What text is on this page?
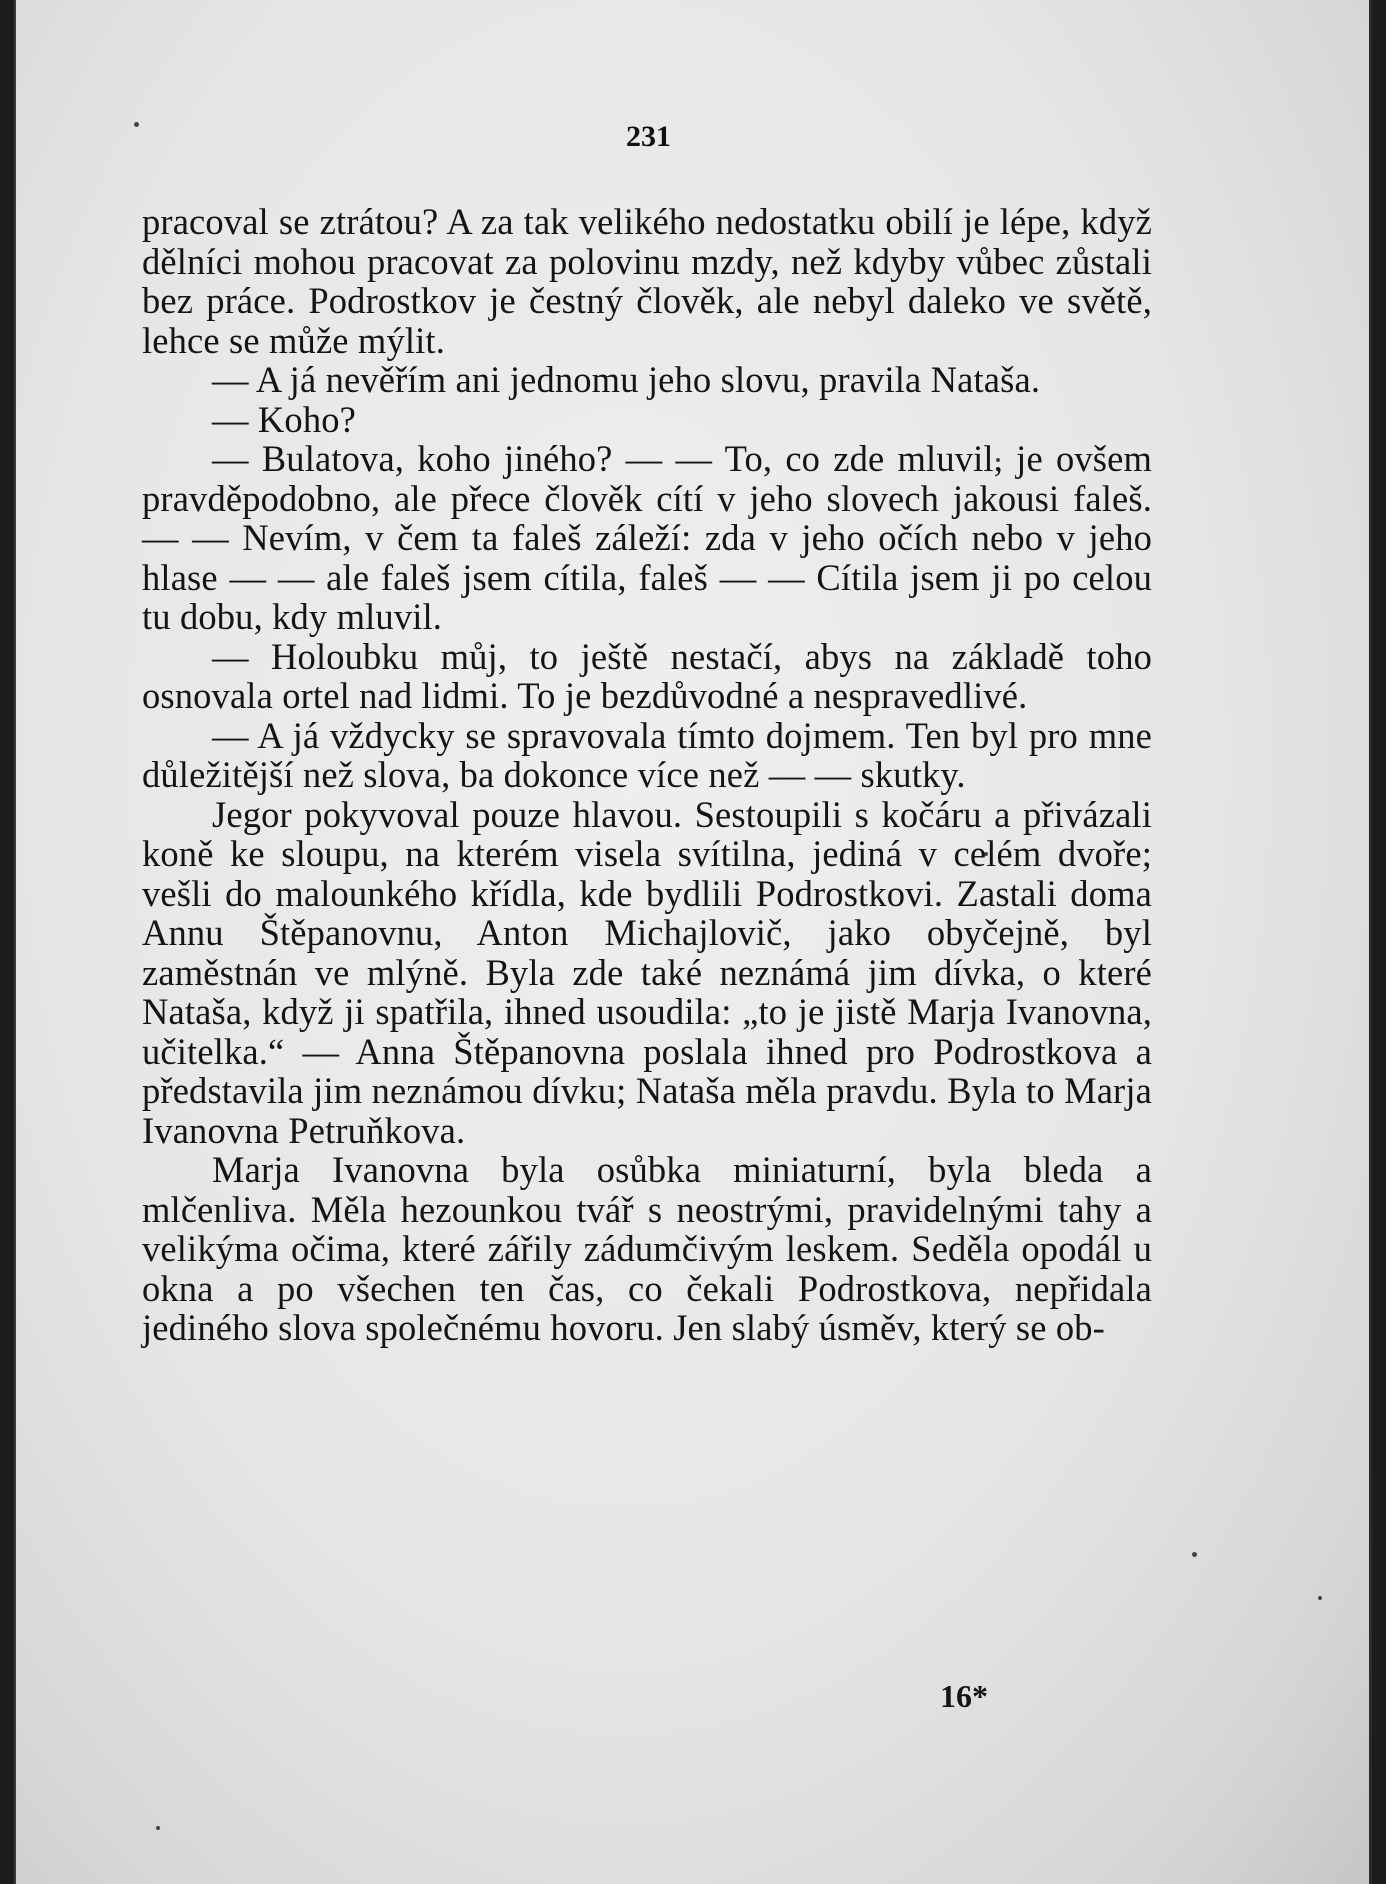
231

pracoval se ztrátou? A za tak velikého nedostatku obilí je lépe, když dělníci mohou pracovat za polovinu mzdy, než kdyby vůbec zůstali bez práce. Podrostkov je čestný člověk, ale nebyl daleko ve světě, lehce se může mýlit.

— A já nevěřím ani jednomu jeho slovu, pravila Nataša.

— Koho?

— Bulatova, koho jiného? — — To, co zde mluvil, je ovšem pravděpodobno, ale přece člověk cítí v jeho slovech jakousi faleš. — — Nevím, v čem ta faleš záleží: zda v jeho očích nebo v jeho hlase — — ale faleš jsem cítila, faleš — — Cítila jsem ji po celou tu dobu, kdy mluvil.

— Holoubku můj, to ještě nestačí, abys na základě toho osnovala ortel nad lidmi. To je bezdůvodné a nespravedlivé.

— A já vždycky se spravovala tímto dojmem. Ten byl pro mne důležitější než slova, ba dokonce více než — — skutky.

Jegor pokyvoval pouze hlavou. Sestoupili s kočáru a přivázali koně ke sloupu, na kterém visela svítilna, jediná v celém dvoře; vešli do malounkého křídla, kde bydlili Podrostkovi. Zastali doma Annu Štěpanovnu, Anton Michajlovič, jako obyčejně, byl zaměstnán ve mlýně. Byla zde také neznámá jim dívka, o které Nataša, když ji spatřila, ihned usoudila: „to je jistě Marja Ivanovna, učitelka.“ — Anna Štěpanovna poslala ihned pro Podrostkova a představila jim neznámou dívku; Nataša měla pravdu. Byla to Marja Ivanovna Petruňkova.

Marja Ivanovna byla osůbka miniaturní, byla bleda a mlčenliva. Měla hezounkou tvář s neostrými, pravidelnými tahy a velikýma očima, které zářily zádumčivým leskem. Seděla opodál u okna a po všechen ten čas, co čekali Podrostkova, nepřidala jediného slova společnému hovoru. Jen slabý úsměv, který se ob-

16*
